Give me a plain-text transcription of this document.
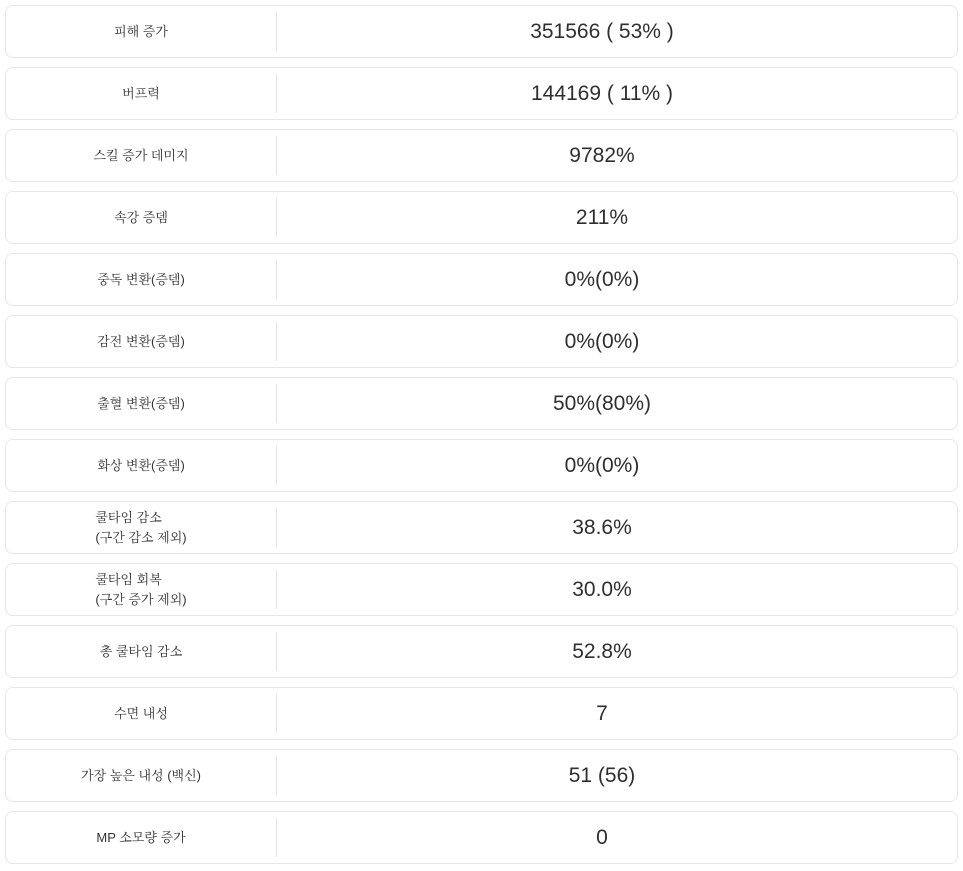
피해 증가	351566 ( 53% )
버프력	144169 ( 11% )
스킬 증가 데미지	9782%
속강 증뎀	211%
중독 변환(증뎀)	0%(0%)
감전 변환(증뎀)	0%(0%)
출혈 변환(증뎀)	50%(80%)
화상 변환(증뎀)	0%(0%)
쿨타임 감소
(구간 감소 제외)	38.6%
쿨타임 회복
(구간 증가 제외)	30.0%
총 쿨타임 감소	52.8%
수면 내성	7
가장 높은 내성 (백신)	51 (56)
MP 소모량 증가	0
